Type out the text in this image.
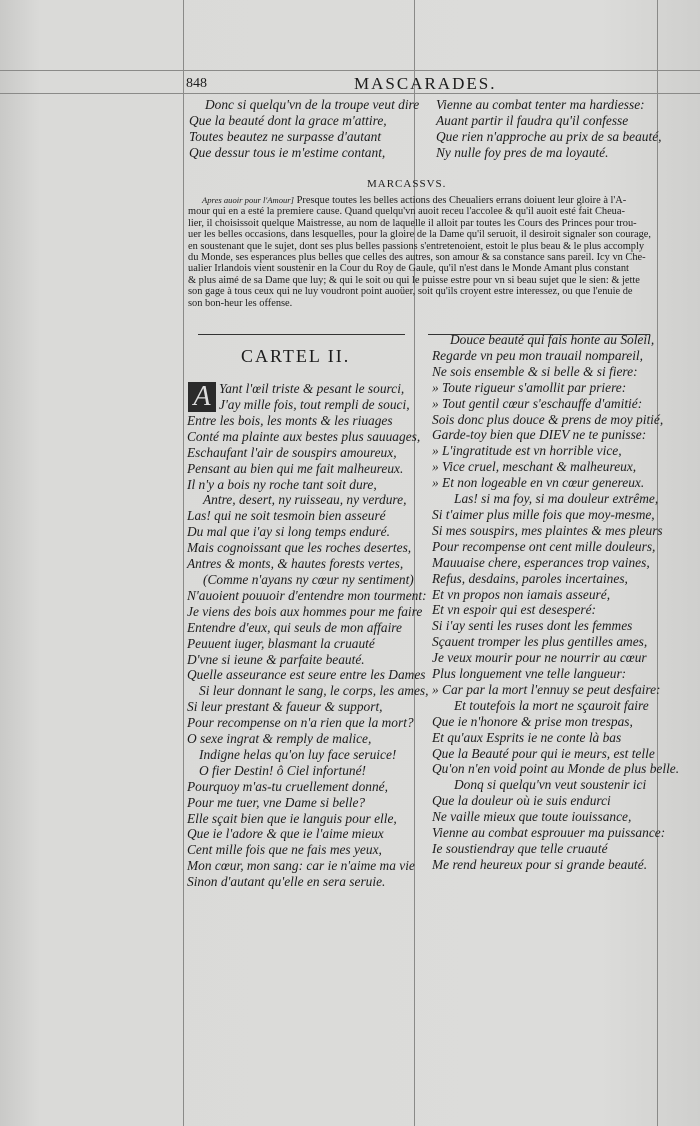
848	MASCARADES.
Donc si quelqu'vn de la troupe veut dire
Que la beauté dont la grace m'attire,
Toutes beautez ne surpasse d'autant
Que dessur tous ie m'estime contant,
Vienne au combat tenter ma hardiesse:
Auant partir il faudra qu'il confesse
Que rien n'approche au prix de sa beauté,
Ny nulle foy pres de ma loyauté.
MARCASSVS.
Apres auoir pour l'Amour] Presque toutes les belles actions des Cheualiers errans doiuent leur gloire à l'A-
mour qui en a esté la premiere cause. Quand quelqu'vn auoit receu l'accolee & qu'il auoit esté fait Cheua-
lier, il choisissoit quelque Maistresse, au nom de laquelle il alloit par toutes les Cours des Princes pour trou-
uer les belles occasions, dans lesquelles, pour la gloire de la Dame qu'il seruoit, il desiroit signaler son courage,
en soustenant que le sujet, dont ses plus belles passions s'entretenoient, estoit le plus beau & le plus accomply
du Monde, ses esperances plus belles que celles des autres, son amour & sa constance sans pareil. Icy vn Che-
ualier Irlandois vient soustenir en la Cour du Roy de Gaule, qu'il n'est dans le Monde Amant plus constant
& plus aimé de sa Dame que luy; & qui le soit ou qui le puisse estre pour vn si beau sujet que le sien: & jette
son gage à tous ceux qui ne luy voudront point auoüer, soit qu'ils croyent estre interessez, ou que l'enuie de
son bon-heur les offense.
CARTEL II.
A Yant l'œil triste & pesant le sourci,
J'ay mille fois, tout rempli de souci,
Entre les bois, les monts & les riuages
Conté ma plainte aux bestes plus sauuages,
Eschaufant l'air de souspirs amoureux,
Pensant au bien qui me fait malheureux.
Il n'y a bois ny roche tant soit dure,
Antre, desert, ny ruisseau, ny verdure,
Las! qui ne soit tesmoin bien asseuré
Du mal que i'ay si long temps enduré.
Mais cognoissant que les roches desertes,
Antres & monts, & hautes forests vertes,
(Comme n'ayans ny cœur ny sentiment)
N'auoient pouuoir d'entendre mon tourment:
Je viens des bois aux hommes pour me faire
Entendre d'eux, qui seuls de mon affaire
Peuuent iuger, blasmant la cruauté
D'vne si ieune & parfaite beauté.
Quelle asseurance est seure entre les Dames
Si leur donnant le sang, le corps, les ames,
Si leur prestant & faueur & support,
Pour recompense on n'a rien que la mort?
O sexe ingrat & remply de malice,
Indigne helas qu'on luy face seruice!
O fier Destin! ô Ciel infortuné!
Pourquoy m'as-tu cruellement donné,
Pour me tuer, vne Dame si belle?
Elle sçait bien que ie languis pour elle,
Que ie l'adore & que ie l'aime mieux
Cent mille fois que ne fais mes yeux,
Mon cœur, mon sang: car ie n'aime ma vie
Sinon d'autant qu'elle en sera seruie.
Douce beauté qui fais honte au Soleil,
Regarde vn peu mon trauail nompareil,
Ne sois ensemble & si belle & si fiere:
» Toute rigueur s'amollit par priere:
» Tout gentil cœur s'eschauffe d'amitié:
Sois donc plus douce & prens de moy pitié,
Garde-toy bien que DIEV ne te punisse:
» L'ingratitude est vn horrible vice,
» Vice cruel, meschant & malheureux,
» Et non logeable en vn cœur genereux.
Las! si ma foy, si ma douleur extrême,
Si t'aimer plus mille fois que moy-mesme,
Si mes souspirs, mes plaintes & mes pleurs
Pour recompense ont cent mille douleurs,
Mauuaise chere, esperances trop vaines,
Refus, desdains, paroles incertaines,
Et vn propos non iamais asseuré,
Et vn espoir qui est desesperé:
Si i'ay senti les ruses dont les femmes
Sçauent tromper les plus gentilles ames,
Je veux mourir pour ne nourrir au cœur
Plus longuement vne telle langueur:
» Car par la mort l'ennuy se peut desfaire:
Et toutefois la mort ne sçauroit faire
Que ie n'honore & prise mon trespas,
Et qu'aux Esprits ie ne conte là bas
Que la Beauté pour qui ie meurs, est telle
Qu'on n'en void point au Monde de plus belle.
Donq si quelqu'vn veut soustenir ici
Que la douleur où ie suis endurci
Ne vaille mieux que toute iouissance,
Vienne au combat esprouuer ma puissance:
Ie soustiendray que telle cruauté
Me rend heureux pour si grande beauté.
